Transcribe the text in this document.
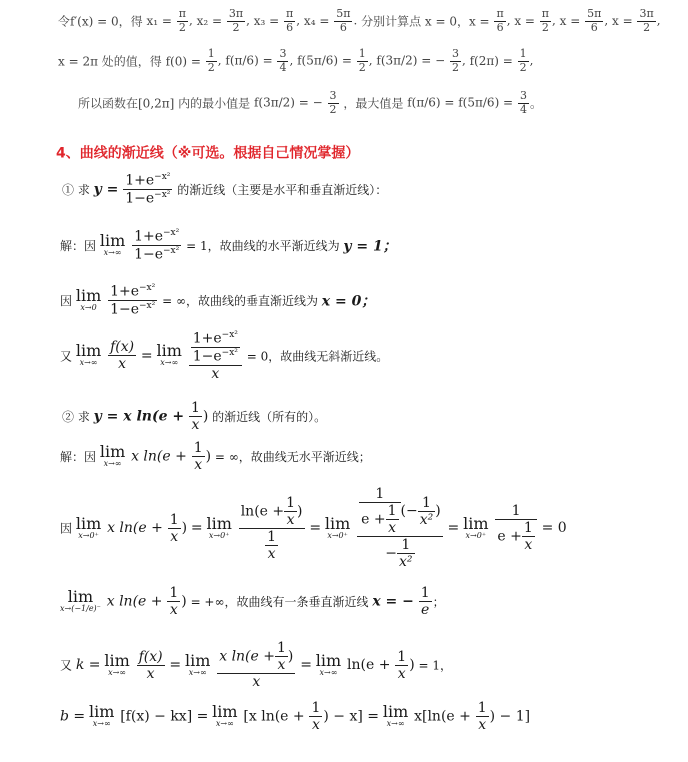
令f′(x) = 0，得 $x_1 = \frac{\pi}{2}$ , $x_2 = \frac{3\pi}{2}$ , $x_3 = \frac{\pi}{6}$ , $x_4 = \frac{5\pi}{6}$ . 分别计算点 x = 0，$x = \frac{\pi}{6}$ , $x = \frac{\pi}{2}$ , $x = \frac{5\pi}{6}$ , $x = \frac{3\pi}{2}$ ,
x = 2π 处的值，得 $f(0) = \frac{1}{2}$ , $f(\pi/6) = \frac{3}{4}$ , $f(5\pi/6) = \frac{1}{2}$ , f(3π/2) = − $\frac{3}{2}$ , $f(2\pi) = \frac{1}{2}$ ,
所以函数在[0,2π] 内的最小值是 f(3π/2) = − $\frac{3}{2}$ ，最大值是 $f(\pi/6) = f(5\pi/6) = \frac{3}{4}$ 。
4、曲线的渐近线（※可选。根据自己情况掌握）
① 求 $y = \frac{1+e^{-x^2}}{1-e^{-x^2}}$ 的渐近线（主要是水平和垂直渐近线）：
解：因 lim
x→∞
$\frac{1+e^{-x^2}}{1-e^{-x^2}} = 1$，故曲线的水平渐近线为 y = 1；
因 lim
x→0
$\frac{1+e^{-x^2}}{1-e^{-x^2}}$ = ∞，故曲线的垂直渐近线为 x = 0；
又 lim
x→∞
$\frac{f(x)}{x} = \lim$
x→∞
$\frac{\frac{1+e^{-x^2}}{1-e^{-x^2}}}{x} = 0$，故曲线无斜渐近线。
② 求 y = x $\ln(e + \frac{1}{x}$ ) 的渐近线（所有的）。
解：因 lim
x→∞ x $\ln(e + \frac{1}{x}$ ) = ∞，故曲线无水平渐近线；
因 lim
x→0⁺ x $\ln(e + \frac{1}{x}$ ) = lim
x→0⁺
$\frac{\ln(e + \frac{1}{x} )}{\frac{1}{x}} = \lim$
x→0⁺
$\frac{\frac{1}{e + \frac{1}{x}} (- \frac{1}{\text{x²}} )}{- \frac{1}{\text{x²}}} = \lim$
x→0⁺
$\frac{1}{e + \frac{1}{x}} = 0$
lim
x→(−1/e)⁻ x $\ln(e + \frac{1}{x}$ ) = +∞，故曲线有一条垂直渐近线 x = − $\frac{1}{e}$ ；
又 k = lim
x→∞
$\frac{f(x)}{x} = \lim$
x→∞
$\frac{x \ln(e + \frac{1}{x} )}{x} = \lim$
x→∞ $\ln(e + \frac{1}{x}$ ) = 1，
b = lim
x→∞ [f(x) − kx] = lim
x→∞ [x $\ln(e + \frac{1}{x}$ ) − x] = lim
x→∞ $x[\ln(e + \frac{1}{x}$ ) − 1]
